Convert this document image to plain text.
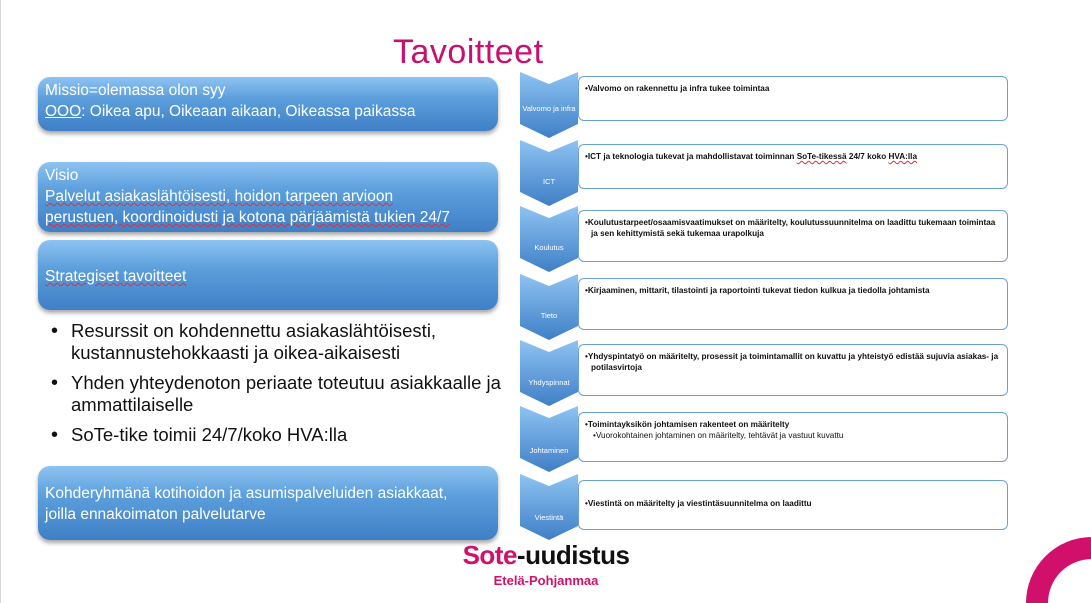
Tavoitteet
Missio=olemassa olon syy
OOO: Oikea apu, Oikeaan aikaan, Oikeassa paikassa
Visio
Palvelut asiakaslähtöisesti, hoidon tarpeen arvioon
perustuen, koordinoidusti ja kotona pärjäämistä tukien 24/7
Strategiset tavoitteet
• Resurssit on kohdennettu asiakaslähtöisesti, kustannustehokkaasti ja oikea-aikaisesti
• Yhden yhteydenoton periaate toteutuu asiakkaalle ja ammattilaiselle
• SoTe-tike toimii 24/7/koko HVA:lla
Kohderyhmänä kotihoidon ja asumispalveluiden asiakkaat,
joilla ennakoimaton palvelutarve
Valvomo ja infra
•Valvomo on rakennettu ja infra tukee toimintaa
ICT
•ICT ja teknologia tukevat ja mahdollistavat toiminnan SoTe-tikessä 24/7 koko HVA:lla
Koulutus
•Koulutustarpeet/osaamisvaatimukset on määritelty, koulutussuunnitelma on laadittu tukemaan toimintaa ja sen kehittymistä sekä tukemaa urapolkuja
Tieto
•Kirjaaminen, mittarit, tilastointi ja raportointi tukevat tiedon kulkua ja tiedolla johtamista
Yhdyspinnat
•Yhdyspintatyö on määritelty, prosessit ja toimintamallit on kuvattu ja yhteistyö edistää sujuvia asiakas- ja potilasvirtoja
Johtaminen
•Toimintayksikön johtamisen rakenteet on määritelty
•Vuorokohtainen johtaminen on määritelty, tehtävät ja vastuut kuvattu
Viestintä
•Viestintä on määritelty ja viestintäsuunnitelma on laadittu
Sote-uudistus
Etelä-Pohjanmaa
